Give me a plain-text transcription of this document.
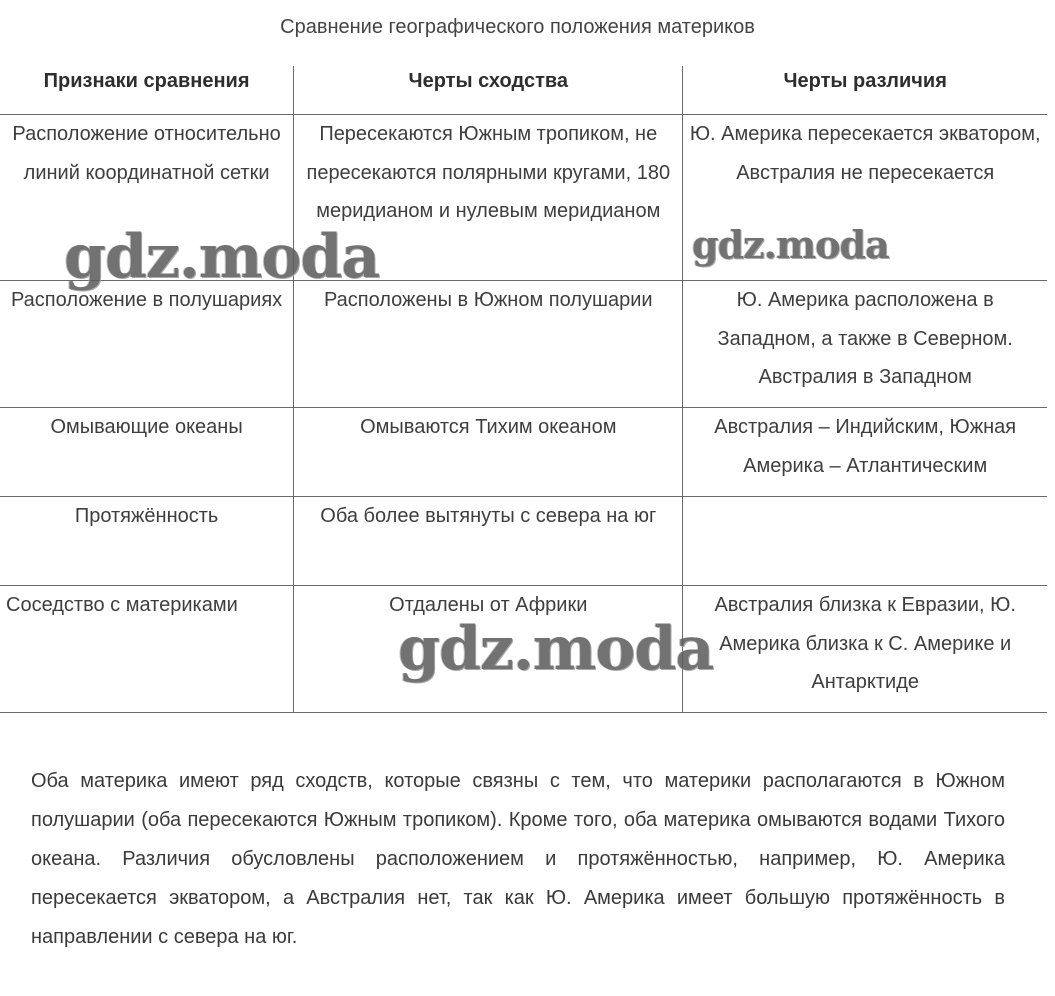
Сравнение географического положения материков
Признаки сравнения	Черты сходства	Черты различия
Расположение относительно линий координатной сетки	Пересекаются Южным тропиком, не пересекаются полярными кругами, 180 меридианом и нулевым меридианом	Ю. Америка пересекается экватором, Австралия не пересекается
Расположение в полушариях	Расположены в Южном полушарии	Ю. Америка расположена в Западном, а также в Северном. Австралия в Западном
Омывающие океаны	Омываются Тихим океаном	Австралия – Индийским, Южная Америка – Атлантическим
Протяжённость	Оба более вытянуты с севера на юг	
Соседство с материками	Отдалены от Африки	Австралия близка к Евразии, Ю. Америка близка к С. Америке и Антарктиде
Оба материка имеют ряд сходств, которые связны с тем, что материки располагаются в Южном полушарии (оба пересекаются Южным тропиком). Кроме того, оба материка омываются водами Тихого океана. Различия обусловлены расположением и протяжённостью, например, Ю. Америка пересекается экватором, а Австралия нет, так как Ю. Америка имеет большую протяжённость в направлении с севера на юг.
gdz.moda	gdz.moda
gdz.moda
